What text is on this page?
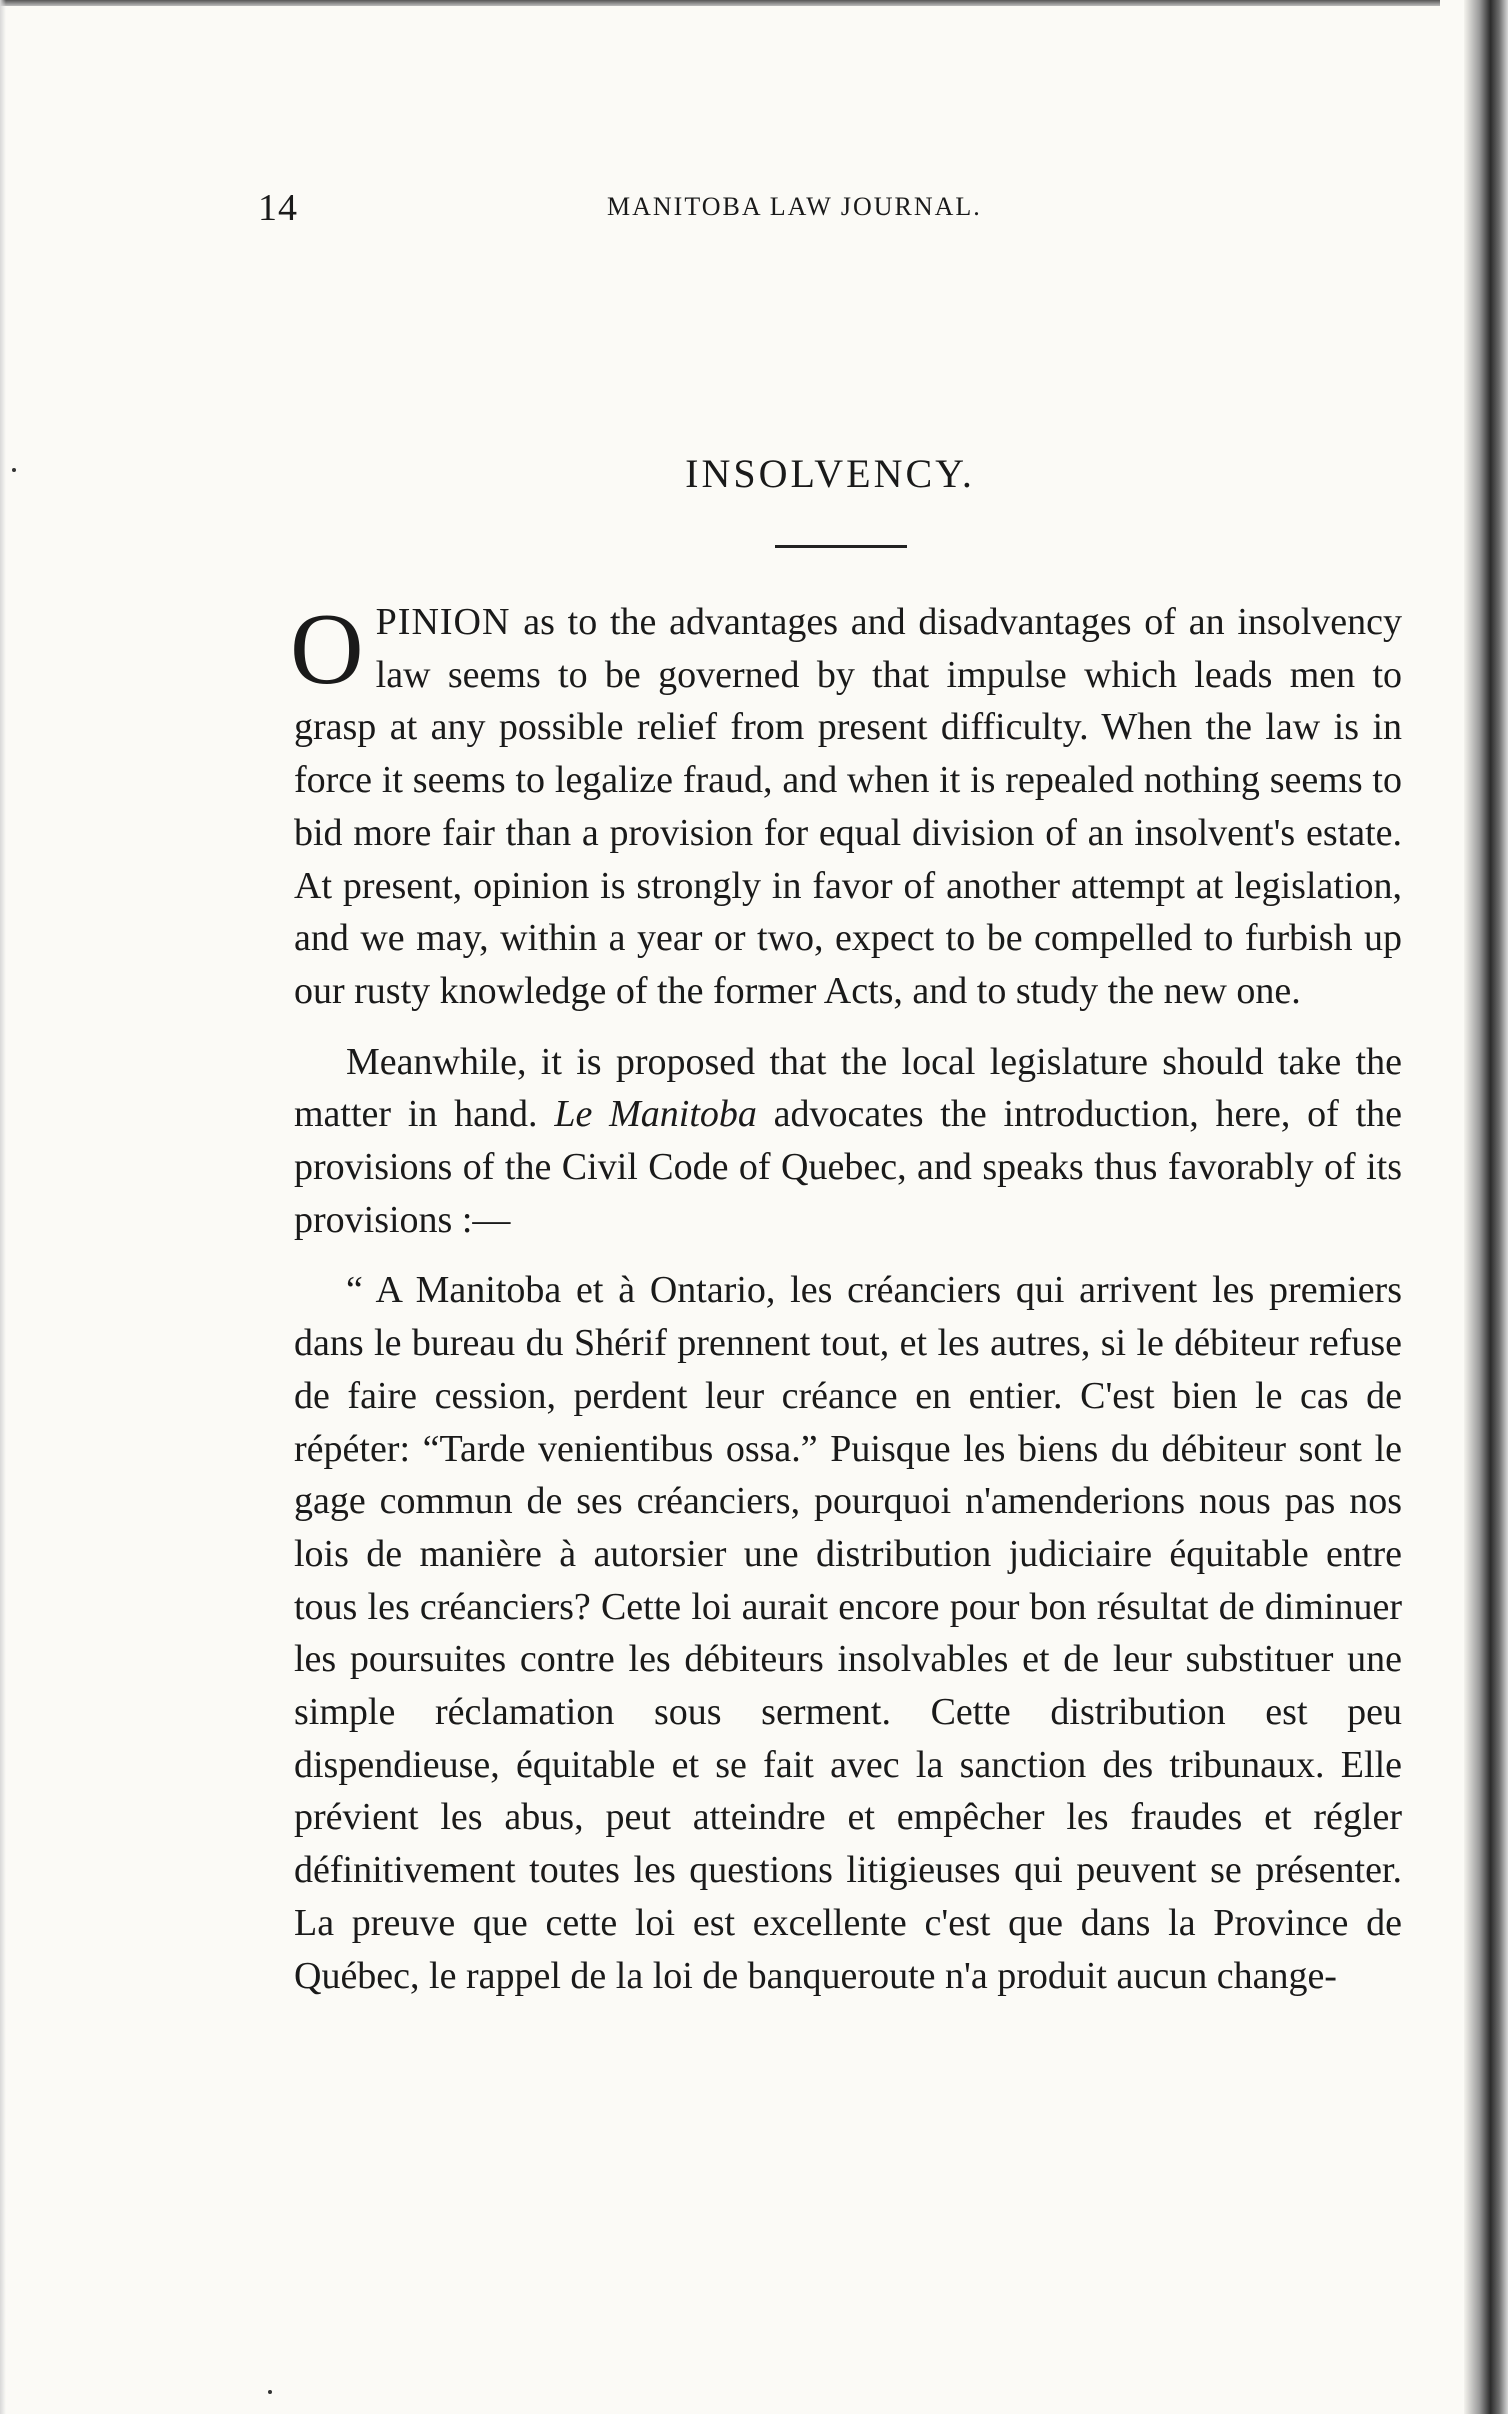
14	MANITOBA LAW JOURNAL.
INSOLVENCY.

OPINION as to the advantages and disadvantages of an insolvency law seems to be governed by that impulse which leads men to grasp at any possible relief from present difficulty. When the law is in force it seems to legalize fraud, and when it is repealed nothing seems to bid more fair than a provision for equal division of an insolvent's estate. At present, opinion is strongly in favor of another attempt at legislation, and we may, within a year or two, expect to be compelled to furbish up our rusty knowledge of the former Acts, and to study the new one.

Meanwhile, it is proposed that the local legislature should take the matter in hand. Le Manitoba advocates the introduction, here, of the provisions of the Civil Code of Quebec, and speaks thus favorably of its provisions :—

“ A Manitoba et à Ontario, les créanciers qui arrivent les premiers dans le bureau du Shérif prennent tout, et les autres, si le débiteur refuse de faire cession, perdent leur créance en entier. C'est bien le cas de répéter: “Tarde venientibus ossa.” Puisque les biens du débiteur sont le gage commun de ses créanciers, pourquoi n'amenderions nous pas nos lois de manière à autorsier une distribution judiciaire équitable entre tous les créanciers? Cette loi aurait encore pour bon résultat de diminuer les poursuites contre les débiteurs insolvables et de leur substituer une simple réclamation sous serment. Cette distribution est peu dispendieuse, équitable et se fait avec la sanction des tribunaux. Elle prévient les abus, peut atteindre et empêcher les fraudes et régler définitivement toutes les questions litigieuses qui peuvent se présenter. La preuve que cette loi est excellente c'est que dans la Province de Québec, le rappel de la loi de banqueroute n'a produit aucun change-
